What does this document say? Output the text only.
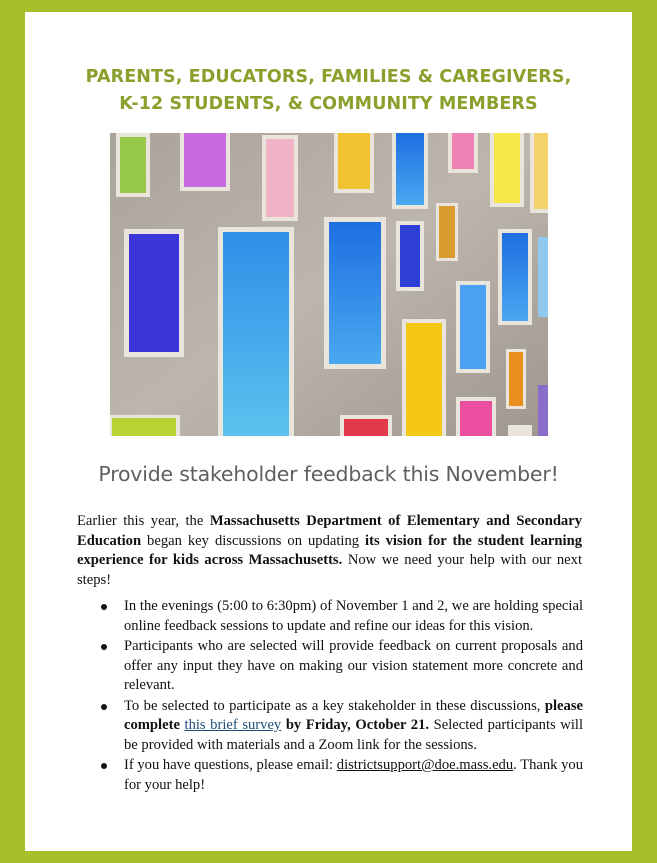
PARENTS, EDUCATORS, FAMILIES & CAREGIVERS,
K-12 STUDENTS, & COMMUNITY MEMBERS
Provide stakeholder feedback this November!
Earlier this year, the Massachusetts Department of Elementary and Secondary Education began key discussions on updating its vision for the student learning experience for kids across Massachusetts. Now we need your help with our next steps!
In the evenings (5:00 to 6:30pm) of November 1 and 2, we are holding special online feedback sessions to update and refine our ideas for this vision.
Participants who are selected will provide feedback on current proposals and offer any input they have on making our vision statement more concrete and relevant.
To be selected to participate as a key stakeholder in these discussions, please complete this brief survey by Friday, October 21. Selected participants will be provided with materials and a Zoom link for the sessions.
If you have questions, please email: districtsupport@doe.mass.edu. Thank you for your help!
